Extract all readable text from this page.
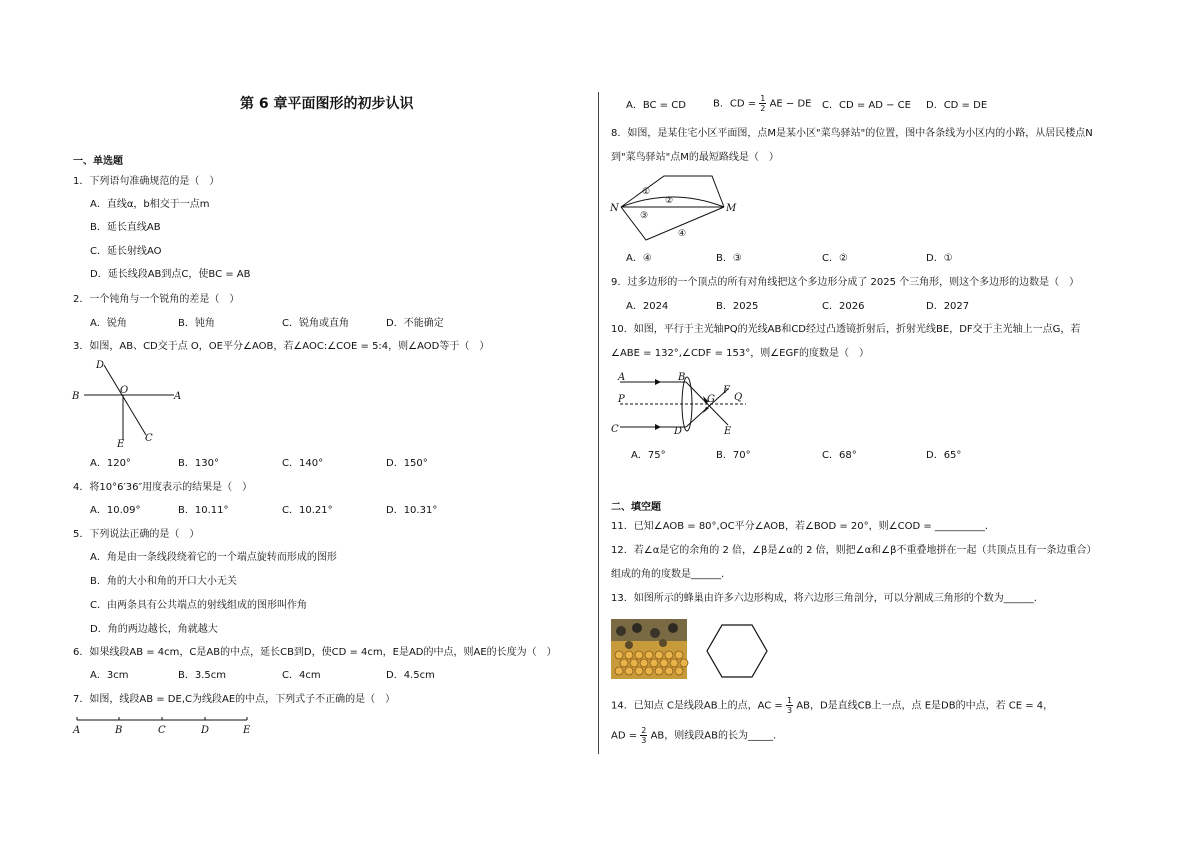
第 6 章平面图形的初步认识
一、单选题
1．下列语句准确规范的是（　）
A．直线α，b相交于一点m
B．延长直线AB
C．延长射线AO
D．延长线段AB到点C，使BC = AB
2．一个钝角与一个锐角的差是（　）
A．锐角	B．钝角	C．锐角或直角	D．不能确定
3．如图，AB、CD交于点 O，OE平分∠AOB，若∠AOC:∠COE = 5:4，则∠AOD等于（　）
D
O
B	A
E
C
A．120°	B．130°	C．140°	D．150°
4．将10°6′36″用度表示的结果是（　）
A．10.09°	B．10.11°	C．10.21°	D．10.31°
5．下列说法正确的是（　）
A．角是由一条线段绕着它的一个端点旋转而形成的图形
B．角的大小和角的开口大小无关
C．由两条具有公共端点的射线组成的图形叫作角
D．角的两边越长，角就越大
6．如果线段AB = 4cm，C是AB的中点，延长CB到D，使CD = 4cm，E是AD的中点，则AE的长度为（　）
A．3cm	B．3.5cm	C．4cm	D．4.5cm
7．如图，线段AB = DE,C为线段AE的中点，下列式子不正确的是（　）
A	B	C	D	E
A．BC = CD	B．CD = $\frac{1}{2}$ AE − DE C．CD = AD − CE D．CD = DE
8．如图，是某住宅小区平面图，点M是某小区"菜鸟驿站"的位置，图中各条线为小区内的小路，从居民楼点N
到"菜鸟驿站"点M的最短路线是（　）
N	M
①
②
③
④
A．④	B．③	C．②	D．①
9．过多边形的一个顶点的所有对角线把这个多边形分成了 2025 个三角形，则这个多边形的边数是（　）
A．2024	B．2025	C．2026	D．2027
10．如图，平行于主光轴PQ的光线AB和CD经过凸透镜折射后，折射光线BE，DF交于主光轴上一点G，若
∠ABE = 132°,∠CDF = 153°，则∠EGF的度数是（　）
A	B
P	G
F
Q
C	D	E
A．75°	B．70°	C．68°	D．65°
二、填空题
11．已知∠AOB = 80°,OC平分∠AOB，若∠BOD = 20°，则∠COD = __________.
12．若∠α是它的余角的 2 倍，∠β是∠α的 2 倍，则把∠α和∠β不重叠地拼在一起（共顶点且有一条边重合）
组成的角的度数是______.
13．如图所示的蜂巢由许多六边形构成，将六边形三角剖分，可以分割成三角形的个数为______.
14．已知点 C是线段AB上的点，AC = $\frac{1}{3}$ AB，D是直线CB上一点，点 E是DB的中点，若 CE = 4，
AD = $\frac{2}{3}$ AB，则线段AB的长为_____.
